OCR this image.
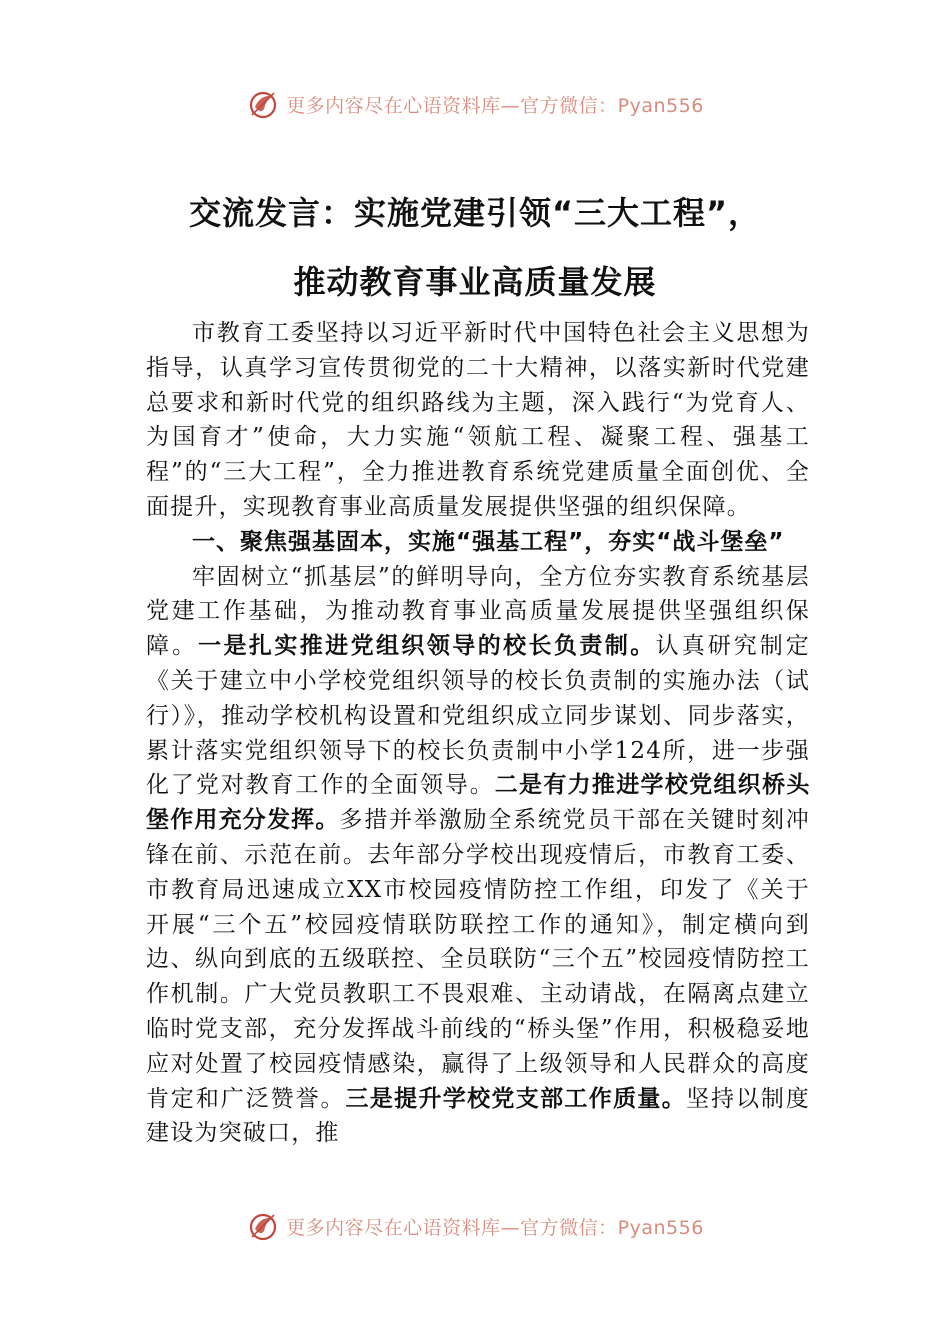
更多内容尽在心语资料库—官方微信：Pyan556
交流发言：实施党建引领“三大工程”，
推动教育事业高质量发展

市教育工委坚持以习近平新时代中国特色社会主义思想为指导，认真学习宣传贯彻党的二十大精神，以落实新时代党建总要求和新时代党的组织路线为主题，深入践行“为党育人、为国育才”使命，大力实施“领航工程、凝聚工程、强基工程”的“三大工程”，全力推进教育系统党建质量全面创优、全面提升，实现教育事业高质量发展提供坚强的组织保障。

一、聚焦强基固本，实施“强基工程”，夯实“战斗堡垒”

牢固树立“抓基层”的鲜明导向，全方位夯实教育系统基层党建工作基础，为推动教育事业高质量发展提供坚强组织保障。一是扎实推进党组织领导的校长负责制。认真研究制定《关于建立中小学校党组织领导的校长负责制的实施办法（试行）》，推动学校机构设置和党组织成立同步谋划、同步落实，累计落实党组织领导下的校长负责制中小学124所，进一步强化了党对教育工作的全面领导。二是有力推进学校党组织桥头堡作用充分发挥。多措并举激励全系统党员干部在关键时刻冲锋在前、示范在前。去年部分学校出现疫情后，市教育工委、市教育局迅速成立XX市校园疫情防控工作组，印发了《关于开展“三个五”校园疫情联防联控工作的通知》，制定横向到边、纵向到底的五级联控、全员联防“三个五”校园疫情防控工作机制。广大党员教职工不畏艰难、主动请战，在隔离点建立临时党支部，充分发挥战斗前线的“桥头堡”作用，积极稳妥地应对处置了校园疫情感染，赢得了上级领导和人民群众的高度肯定和广泛赞誉。三是提升学校党支部工作质量。坚持以制度建设为突破口，推

更多内容尽在心语资料库—官方微信：Pyan556
